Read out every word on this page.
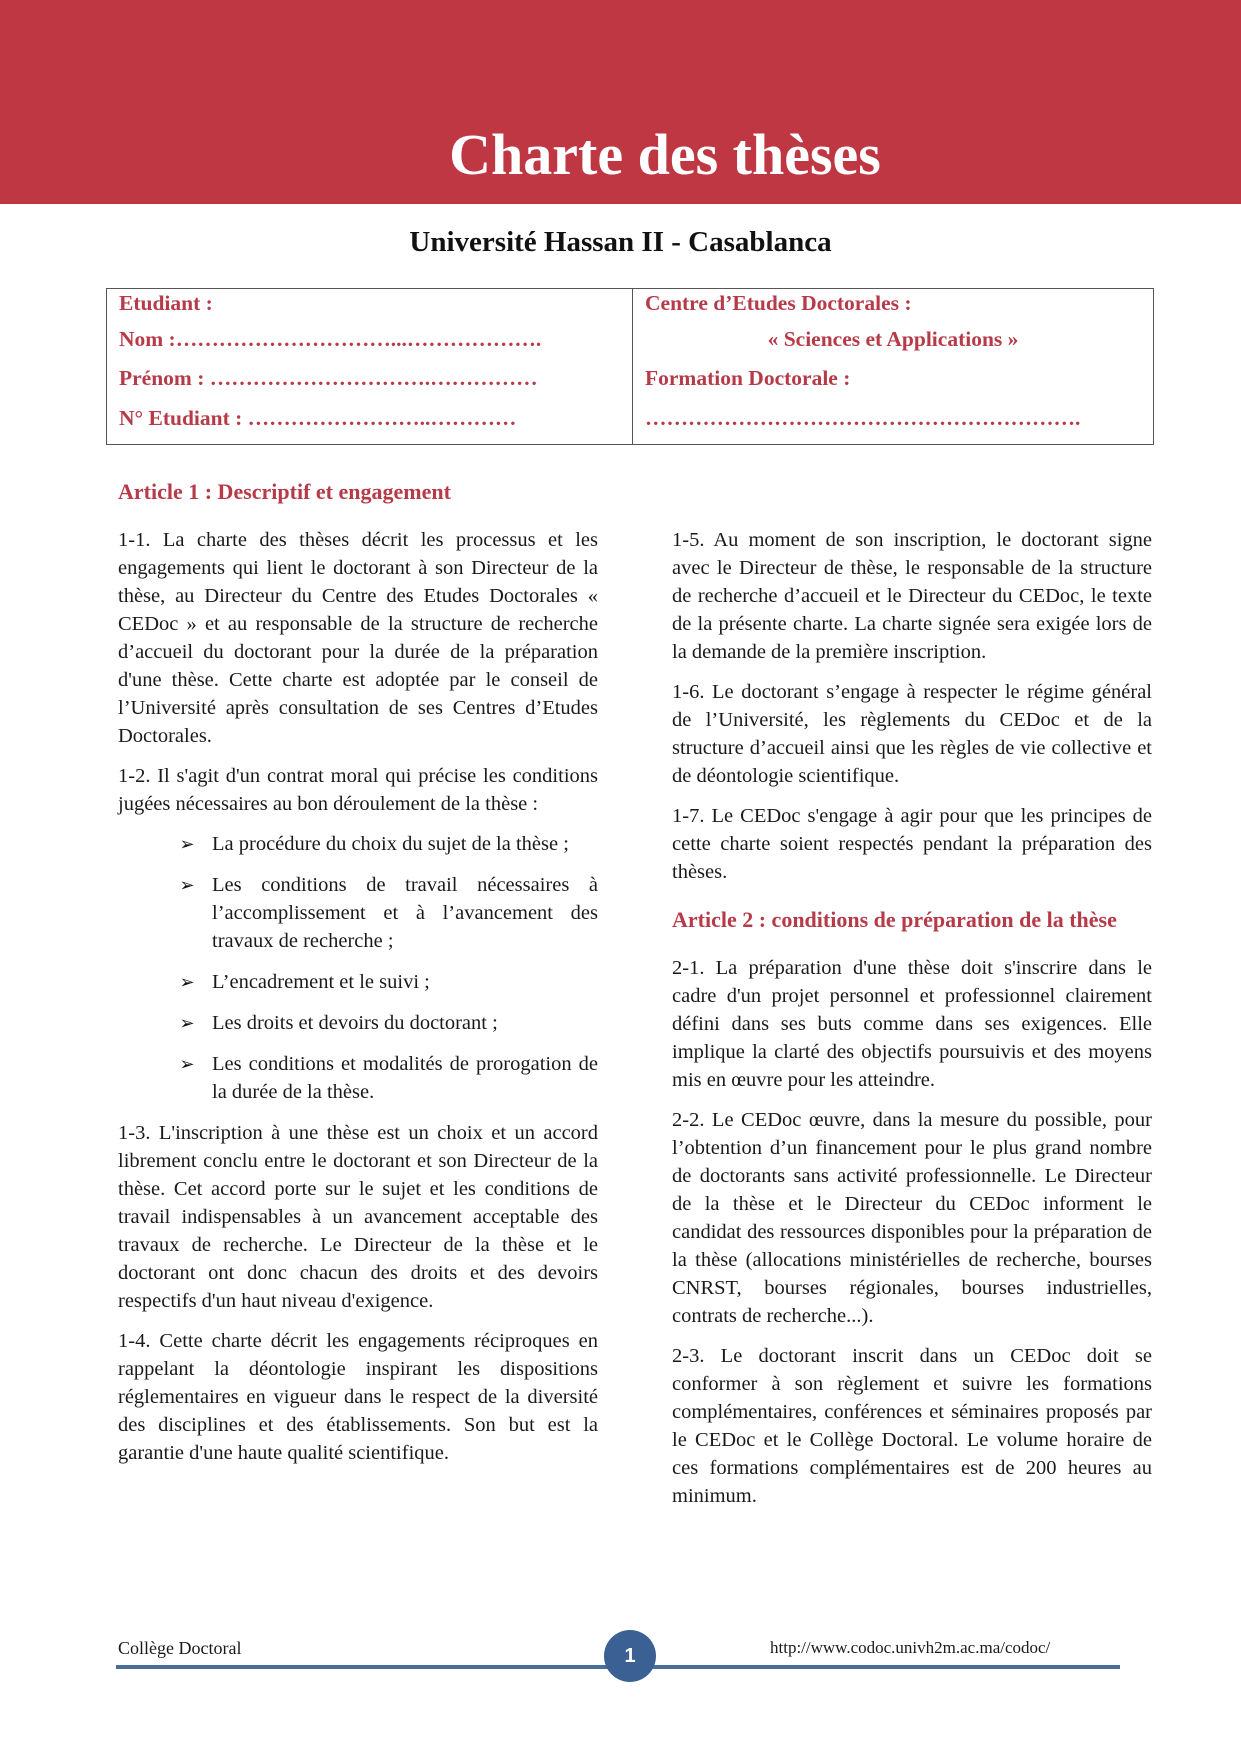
Charte des thèses
Université Hassan II - Casablanca
Etudiant :
Nom :…………………………...……………….
Prénom : ………………………….……………
N° Etudiant : ……………………..…………
Centre d’Etudes Doctorales :
« Sciences et Applications »
Formation Doctorale :
…………………………………………………….
Article 1 : Descriptif et engagement

1-1. La charte des thèses décrit les processus et les engagements qui lient le doctorant à son Directeur de la thèse, au Directeur du Centre des Etudes Doctorales « CEDoc » et au responsable de la structure de recherche d’accueil du doctorant pour la durée de la préparation d'une thèse. Cette charte est adoptée par le conseil de l’Université après consultation de ses Centres d’Etudes Doctorales.

1-2. Il s'agit d'un contrat moral qui précise les conditions jugées nécessaires au bon déroulement de la thèse :

➢ La procédure du choix du sujet de la thèse ;
➢ Les conditions de travail nécessaires à l’accomplissement et à l’avancement des travaux de recherche ;
➢ L’encadrement et le suivi ;
➢ Les droits et devoirs du doctorant ;
➢ Les conditions et modalités de prorogation de la durée de la thèse.

1-3. L'inscription à une thèse est un choix et un accord librement conclu entre le doctorant et son Directeur de la thèse. Cet accord porte sur le sujet et les conditions de travail indispensables à un avancement acceptable des travaux de recherche. Le Directeur de la thèse et le doctorant ont donc chacun des droits et des devoirs respectifs d'un haut niveau d'exigence.

1-4. Cette charte décrit les engagements réciproques en rappelant la déontologie inspirant les dispositions réglementaires en vigueur dans le respect de la diversité des disciplines et des établissements. Son but est la garantie d'une haute qualité scientifique.

1-5. Au moment de son inscription, le doctorant signe avec le Directeur de thèse, le responsable de la structure de recherche d’accueil et le Directeur du CEDoc, le texte de la présente charte. La charte signée sera exigée lors de la demande de la première inscription.

1-6. Le doctorant s’engage à respecter le régime général de l’Université, les règlements du CEDoc et de la structure d’accueil ainsi que les règles de vie collective et de déontologie scientifique.

1-7. Le CEDoc s'engage à agir pour que les principes de cette charte soient respectés pendant la préparation des thèses.

Article 2 : conditions de préparation de la thèse

2-1. La préparation d'une thèse doit s'inscrire dans le cadre d'un projet personnel et professionnel clairement défini dans ses buts comme dans ses exigences. Elle implique la clarté des objectifs poursuivis et des moyens mis en œuvre pour les atteindre.

2-2. Le CEDoc œuvre, dans la mesure du possible, pour l’obtention d’un financement pour le plus grand nombre de doctorants sans activité professionnelle. Le Directeur de la thèse et le Directeur du CEDoc informent le candidat des ressources disponibles pour la préparation de la thèse (allocations ministérielles de recherche, bourses CNRST, bourses régionales, bourses industrielles, contrats de recherche...).

2-3. Le doctorant inscrit dans un CEDoc doit se conformer à son règlement et suivre les formations complémentaires, conférences et séminaires proposés par le CEDoc et le Collège Doctoral. Le volume horaire de ces formations complémentaires est de 200 heures au minimum.

Collège Doctoral	http://www.codoc.univh2m.ac.ma/codoc/
1
